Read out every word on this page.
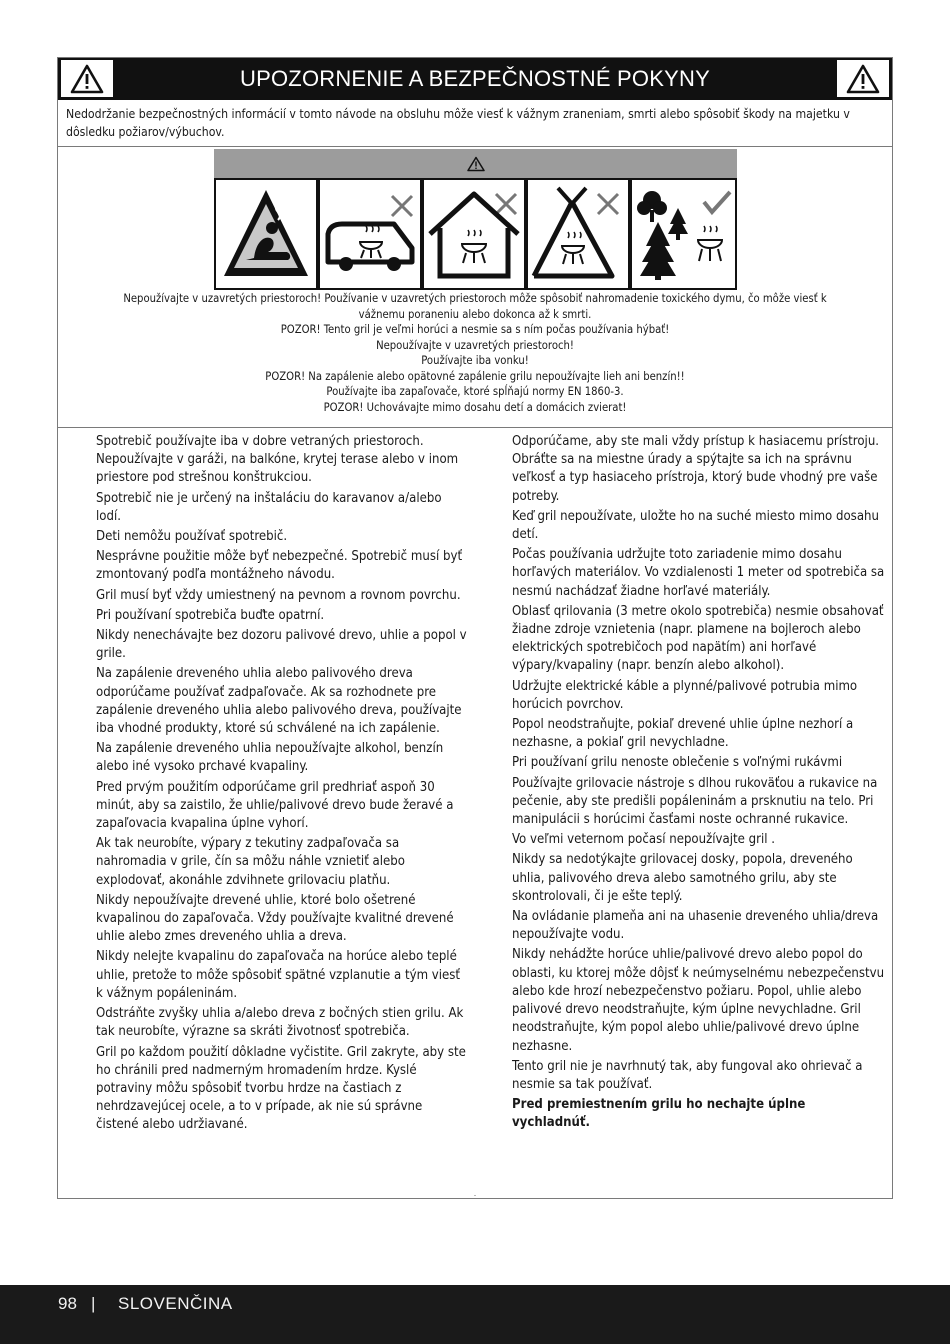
UPOZORNENIE A BEZPEČNOSTNÉ POKYNY

Nedodržanie bezpečnostných informácií v tomto návode na obsluhu môže viesť k vážnym zraneniam, smrti alebo spôsobiť škody na majetku v dôsledku požiarov/výbuchov.

Nepoužívajte v uzavretých priestoroch! Používanie v uzavretých priestoroch môže spôsobiť nahromadenie toxického dymu, čo môže viesť k
vážnemu poraneniu alebo dokonca až k smrti.

POZOR! Tento gril je veľmi horúci a nesmie sa s ním počas používania hýbať!

Nepoužívajte v uzavretých priestoroch!

Používajte iba vonku!

POZOR! Na zapálenie alebo opätovné zapálenie grilu nepoužívajte lieh ani benzín!!

Používajte iba zapaľovače, ktoré spĺňajú normy EN 1860-3.

POZOR! Uchovávajte mimo dosahu detí a domácich zvierat!

Spotrebič používajte iba v dobre vetraných priestoroch. Nepoužívajte v garáži, na balkóne, krytej terase alebo v inom priestore pod strešnou konštrukciou.

Spotrebič nie je určený na inštaláciu do karavanov a/alebo lodí.

Deti nemôžu používať spotrebič.

Nesprávne použitie môže byť nebezpečné. Spotrebič musí byť zmontovaný podľa montážneho návodu.

Gril musí byť vždy umiestnený na pevnom a rovnom povrchu.

Pri používaní spotrebiča buďte opatrní.

Nikdy nenechávajte bez dozoru palivové drevo, uhlie a popol v grile.

Na zapálenie dreveného uhlia alebo palivového dreva odporúčame používať zadpaľovače. Ak sa rozhodnete pre zapálenie dreveného uhlia alebo palivového dreva, používajte iba vhodné produkty, ktoré sú schválené na ich zapálenie.

Na zapálenie dreveného uhlia nepoužívajte alkohol, benzín alebo iné vysoko prchavé kvapaliny.

Pred prvým použitím odporúčame gril predhriať aspoň 30 minút, aby sa zaistilo, že uhlie/palivové drevo bude žeravé a zapaľovacia kvapalina úplne vyhorí.

Ak tak neurobíte, výpary z tekutiny zadpaľovača sa nahromadia v grile, čín sa môžu náhle vznietiť alebo explodovať, akonáhle zdvihnete grilovaciu platňu.

Nikdy nepoužívajte drevené uhlie, ktoré bolo ošetrené kvapalinou do zapaľovača. Vždy používajte kvalitné drevené uhlie alebo zmes dreveného uhlia a dreva.

Nikdy nelejte kvapalinu do zapaľovača na horúce alebo teplé uhlie, pretože to môže spôsobiť spätné vzplanutie a tým viesť k vážnym popáleninám.

Odstráňte zvyšky uhlia a/alebo dreva z bočných stien grilu. Ak tak neurobíte, výrazne sa skráti životnosť spotrebiča.

Gril po každom použití dôkladne vyčistite. Gril zakryte, aby ste ho chránili pred nadmerným hromadením hrdze. Kyslé potraviny môžu spôsobiť tvorbu hrdze na častiach z nehrdzavejúcej ocele, a to v prípade, ak nie sú správne čistené alebo udržiavané.

Odporúčame, aby ste mali vždy prístup k hasiacemu prístroju. Obráťte sa na miestne úrady a spýtajte sa ich na správnu veľkosť a typ hasiaceho prístroja, ktorý bude vhodný pre vaše potreby.

Keď gril nepoužívate, uložte ho na suché miesto mimo dosahu detí.

Počas používania udržujte toto zariadenie mimo dosahu horľavých materiálov. Vo vzdialenosti 1 meter od spotrebiča sa nesmú nachádzať žiadne horľavé materiály.

Oblasť qrilovania (3 metre okolo spotrebiča) nesmie obsahovať žiadne zdroje vznietenia (napr. plamene na bojleroch alebo elektrických spotrebičoch pod napätím) ani horľavé výpary/kvapaliny (napr. benzín alebo alkohol).

Udržujte elektrické káble a plynné/palivové potrubia mimo horúcich povrchov.

Popol neodstraňujte, pokiaľ drevené uhlie úplne nezhorí a nezhasne, a pokiaľ gril nevychladne.

Pri používaní grilu nenoste oblečenie s voľnými rukávmi

Používajte grilovacie nástroje s dlhou rukoväťou a rukavice na pečenie, aby ste predišli popáleninám a prsknutiu na telo. Pri manipulácii s horúcimi časťami noste ochranné rukavice.

Vo veľmi veternom počasí nepoužívajte gril .

Nikdy sa nedotýkajte grilovacej dosky, popola, dreveného uhlia, palivového dreva alebo samotného grilu, aby ste skontrolovali, či je ešte teplý.

Na ovládanie plameňa ani na uhasenie dreveného uhlia/dreva nepoužívajte vodu.

Nikdy nehádžte horúce uhlie/palivové drevo alebo popol do oblasti, ku ktorej môže dôjsť k neúmyselnému nebezpečenstvu alebo kde hrozí nebezpečenstvo požiaru. Popol, uhlie alebo palivové drevo neodstraňujte, kým úplne nevychladne. Gril neodstraňujte, kým popol alebo uhlie/palivové drevo úplne nezhasne.

Tento gril nie je navrhnutý tak, aby fungoval ako ohrievač a nesmie sa tak používať.

Pred premiestnením grilu ho nechajte úplne vychladnúť.

98 | SLOVENČINA
